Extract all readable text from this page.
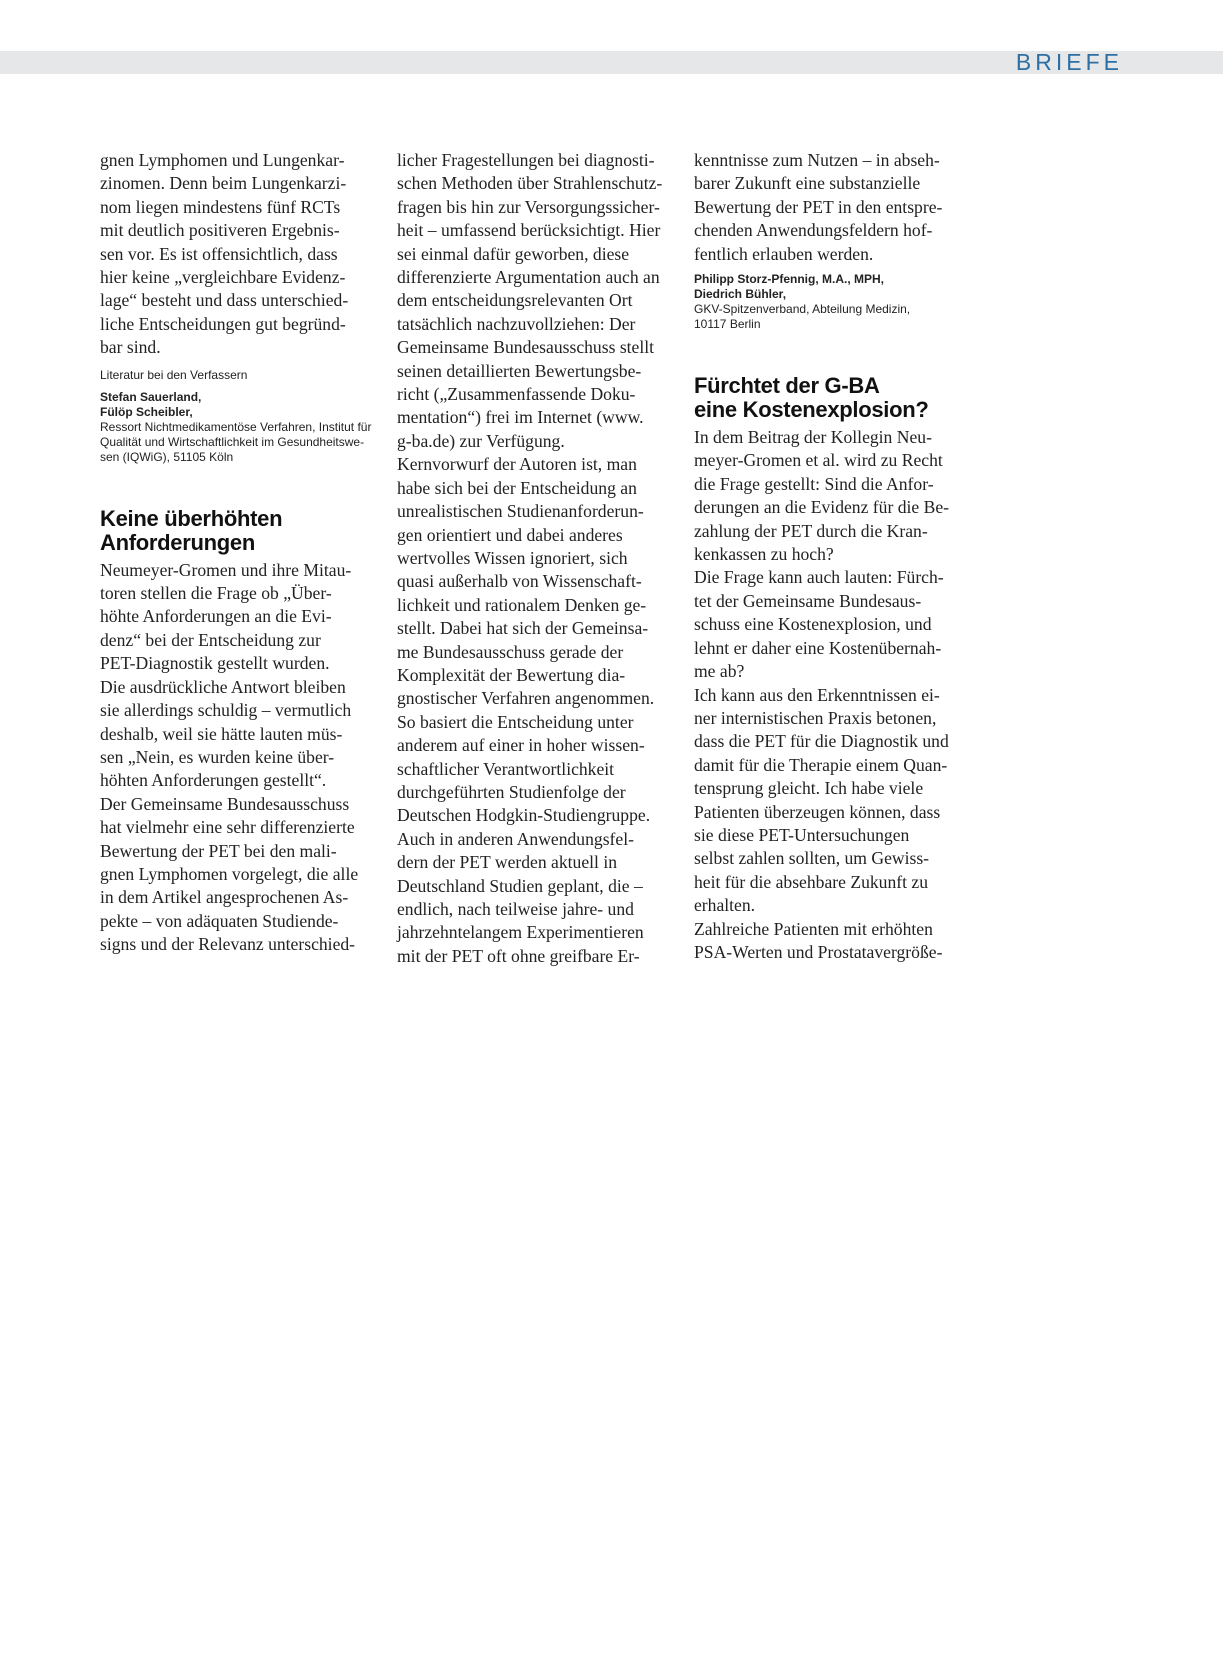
BRIEFE

gnen Lymphomen und Lungenkar-

zinomen. Denn beim Lungenkarzi-

nom liegen mindestens fünf RCTs

mit deutlich positiveren Ergebnis-

sen vor. Es ist offensichtlich, dass

hier keine „vergleichbare Evidenz-

lage“ besteht und dass unterschied-

liche Entscheidungen gut begründ-

bar sind.

Literatur bei den Verfassern
Stefan Sauerland,
Fülöp Scheibler,
Ressort Nichtmedikamentöse Verfahren, Institut für
Qualität und Wirtschaftlichkeit im Gesundheitswe-
sen (IQWiG), 51105 Köln
Keine überhöhten
Anforderungen

Neumeyer-Gromen und ihre Mitau-

toren stellen die Frage ob „Über-

höhte Anforderungen an die Evi-

denz“ bei der Entscheidung zur

PET-Diagnostik gestellt wurden.

Die ausdrückliche Antwort bleiben

sie allerdings schuldig – vermutlich

deshalb, weil sie hätte lauten müs-

sen „Nein, es wurden keine über-

höhten Anforderungen gestellt“.

Der Gemeinsame Bundesausschuss

hat vielmehr eine sehr differenzierte

Bewertung der PET bei den mali-

gnen Lymphomen vorgelegt, die alle

in dem Artikel angesprochenen As-

pekte – von adäquaten Studiende-

signs und der Relevanz unterschied-

licher Fragestellungen bei diagnosti-

schen Methoden über Strahlenschutz-

fragen bis hin zur Versorgungssicher-

heit – umfassend berücksichtigt. Hier

sei einmal dafür geworben, diese

differenzierte Argumentation auch an

dem entscheidungsrelevanten Ort

tatsächlich nachzuvollziehen: Der

Gemeinsame Bundesausschuss stellt

seinen detaillierten Bewertungsbe-

richt („Zusammenfassende Doku-

mentation“) frei im Internet (www.

g-ba.de) zur Verfügung.

Kernvorwurf der Autoren ist, man

habe sich bei der Entscheidung an

unrealistischen Studienanforderun-

gen orientiert und dabei anderes

wertvolles Wissen ignoriert, sich

quasi außerhalb von Wissenschaft-

lichkeit und rationalem Denken ge-

stellt. Dabei hat sich der Gemeinsa-

me Bundesausschuss gerade der

Komplexität der Bewertung dia-

gnostischer Verfahren angenommen.

So basiert die Entscheidung unter

anderem auf einer in hoher wissen-

schaftlicher Verantwortlichkeit

durchgeführten Studienfolge der

Deutschen Hodgkin-Studiengruppe.

Auch in anderen Anwendungsfel-

dern der PET werden aktuell in

Deutschland Studien geplant, die –

endlich, nach teilweise jahre- und

jahrzehntelangem Experimentieren

mit der PET oft ohne greifbare Er-

kenntnisse zum Nutzen – in abseh-

barer Zukunft eine substanzielle

Bewertung der PET in den entspre-

chenden Anwendungsfeldern hof-

fentlich erlauben werden.

Philipp Storz-Pfennig, M.A., MPH,
Diedrich Bühler,
GKV-Spitzenverband, Abteilung Medizin,
10117 Berlin
Fürchtet der G-BA
eine Kostenexplosion?

In dem Beitrag der Kollegin Neu-

meyer-Gromen et al. wird zu Recht

die Frage gestellt: Sind die Anfor-

derungen an die Evidenz für die Be-

zahlung der PET durch die Kran-

kenkassen zu hoch?

Die Frage kann auch lauten: Fürch-

tet der Gemeinsame Bundesaus-

schuss eine Kostenexplosion, und

lehnt er daher eine Kostenübernah-

me ab?

Ich kann aus den Erkenntnissen ei-

ner internistischen Praxis betonen,

dass die PET für die Diagnostik und

damit für die Therapie einem Quan-

tensprung gleicht. Ich habe viele

Patienten überzeugen können, dass

sie diese PET-Untersuchungen

selbst zahlen sollten, um Gewiss-

heit für die absehbare Zukunft zu

erhalten.

Zahlreiche Patienten mit erhöhten

PSA-Werten und Prostatavergröße-
